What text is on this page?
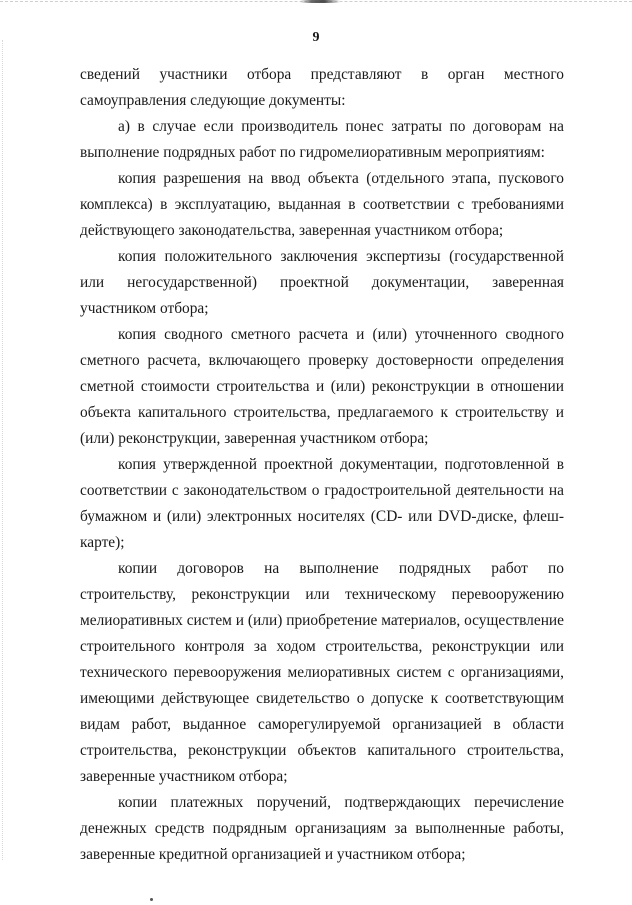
9

сведений участники отбора представляют в орган местного самоуправления следующие документы:

а) в случае если производитель понес затраты по договорам на выполнение подрядных работ по гидромелиоративным мероприятиям:

копия разрешения на ввод объекта (отдельного этапа, пускового комплекса) в эксплуатацию, выданная в соответствии с требованиями действующего законодательства, заверенная участником отбора;

копия положительного заключения экспертизы (государственной или негосударственной) проектной документации, заверенная участником отбора;

копия сводного сметного расчета и (или) уточненного сводного сметного расчета, включающего проверку достоверности определения сметной стоимости строительства и (или) реконструкции в отношении объекта капитального строительства, предлагаемого к строительству и (или) реконструкции, заверенная участником отбора;

копия утвержденной проектной документации, подготовленной в соответствии с законодательством о градостроительной деятельности на бумажном и (или) электронных носителях (CD- или DVD-диске, флеш-карте);

копии договоров на выполнение подрядных работ по строительству, реконструкции или техническому перевооружению мелиоративных систем и (или) приобретение материалов, осуществление строительного контроля за ходом строительства, реконструкции или технического перевооружения мелиоративных систем с организациями, имеющими действующее свидетельство о допуске к соответствующим видам работ, выданное саморегулируемой организацией в области строительства, реконструкции объектов капитального строительства, заверенные участником отбора;

копии платежных поручений, подтверждающих перечисление денежных средств подрядным организациям за выполненные работы, заверенные кредитной организацией и участником отбора;
